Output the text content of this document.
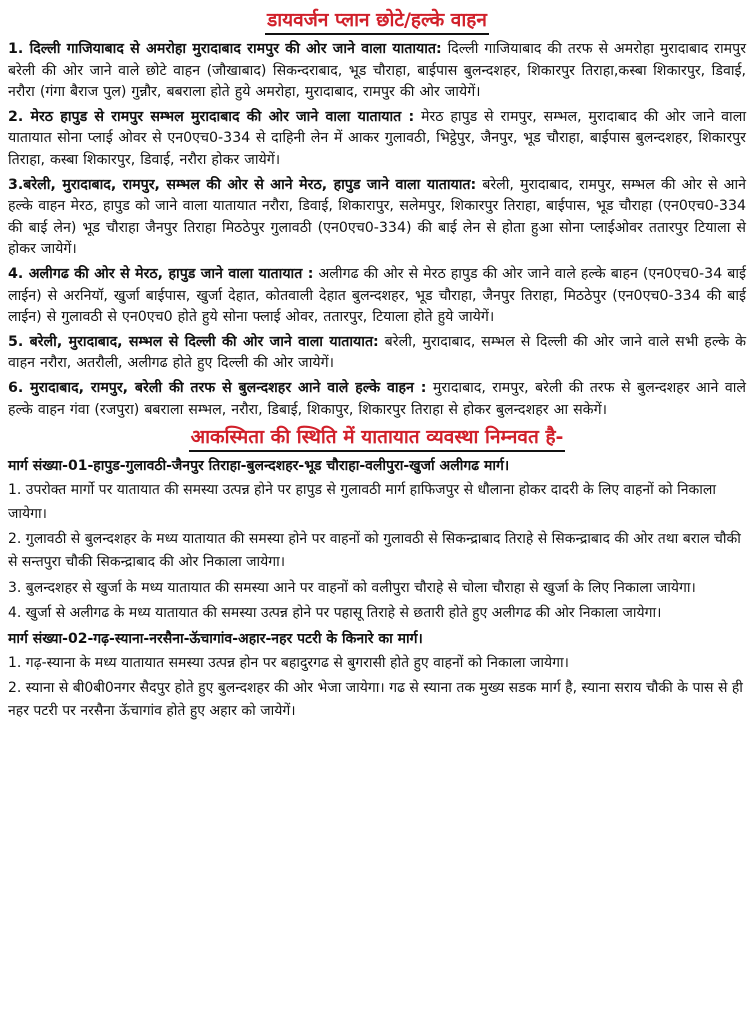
डायवर्जन प्लान छोटे/हल्के वाहन

1. दिल्ली गाजियाबाद से अमरोहा मुरादाबाद रामपुर की ओर जाने वाला यातायात: दिल्ली गाजियाबाद की तरफ से अमरोहा मुरादाबाद रामपुर बरेली की ओर जाने वाले छोटे वाहन (जौखाबाद) सिकन्दराबाद, भूड चौराहा, बाईपास बुलन्दशहर, शिकारपुर तिराहा,कस्बा शिकारपुर, डिवाई, नरौरा (गंगा बैराज पुल) गुन्नौर, बबराला होते हुये अमरोहा, मुरादाबाद, रामपुर की ओर जायेगें।

2. मेरठ हापुड से रामपुर सम्भल मुरादाबाद की ओर जाने वाला यातायात : मेरठ हापुड से रामपुर, सम्भल, मुरादाबाद की ओर जाने वाला यातायात सोना प्लाई ओवर से एन0एच0-334 से दाहिनी लेन में आकर गुलावठी, भिट्ठेपुर, जैनपुर, भूड चौराहा, बाईपास बुलन्दशहर, शिकारपुर तिराहा, कस्बा शिकारपुर, डिवाई, नरौरा होकर जायेगें।

3.बरेली, मुरादाबाद, रामपुर, सम्भल की ओर से आने मेरठ, हापुड जाने वाला यातायात: बरेली, मुरादाबाद, रामपुर, सम्भल की ओर से आने हल्के वाहन मेरठ, हापुड को जाने वाला यातायात नरौरा, डिवाई, शिकारापुर, सलेमपुर, शिकारपुर तिराहा, बाईपास, भूड चौराहा (एन0एच0-334 की बाई लेन) भूड चौराहा जैनपुर तिराहा मिठठेपुर गुलावठी (एन0एच0-334) की बाई लेन से होता हुआ सोना प्लाईओवर ततारपुर टियाला से होकर जायेगें।

4. अलीगढ की ओर से मेरठ, हापुड जाने वाला यातायात : अलीगढ की ओर से मेरठ हापुड की ओर जाने वाले हल्के बाहन (एन0एच0-34 बाई लाईन) से अरनियॉ, खुर्जा बाईपास, खुर्जा देहात, कोतवाली देहात बुलन्दशहर, भूड चौराहा, जैनपुर तिराहा, मिठठेपुर (एन0एच0-334 की बाई लाईन) से गुलावठी से एन0एच0 होते हुये सोना फ्लाई ओवर, ततारपुर, टियाला होते हुये जायेगें।

5. बरेली, मुरादाबाद, सम्भल से दिल्ली की ओर जाने वाला यातायात: बरेली, मुरादाबाद, सम्भल से दिल्ली की ओर जाने वाले सभी हल्के के वाहन नरौरा, अतरौली, अलीगढ होते हुए दिल्ली की ओर जायेगें।

6. मुरादाबाद, रामपुर, बरेली की तरफ से बुलन्दशहर आने वाले हल्के वाहन : मुरादाबाद, रामपुर, बरेली की तरफ से बुलन्दशहर आने वाले हल्के वाहन गंवा (रजपुरा) बबराला सम्भल, नरौरा, डिबाई, शिकापुर, शिकारपुर तिराहा से होकर बुलन्दशहर आ सकेगें।

आकस्मिता की स्थिति में यातायात व्यवस्था निम्नवत है-
मार्ग संख्या-01-हापुड-गुलावठी-जैनपुर तिराहा-बुलन्दशहर-भूड चौराहा-वलीपुरा-खुर्जा अलीगढ मार्ग।

1. उपरोक्त मार्गो पर यातायात की समस्या उत्पन्न होने पर हापुड से गुलावठी मार्ग हाफिजपुर से धौलाना होकर दादरी के लिए वाहनों को निकाला जायेगा।

2. गुलावठी से बुलन्दशहर के मध्य यातायात की समस्या होने पर वाहनों को गुलावठी से सिकन्द्राबाद तिराहे से सिकन्द्राबाद की ओर तथा बराल चौकी से सन्तपुरा चौकी सिकन्द्राबाद की ओर निकाला जायेगा।

3. बुलन्दशहर से खुर्जा के मध्य यातायात की समस्या आने पर वाहनों को वलीपुरा चौराहे से चोला चौराहा से खुर्जा के लिए निकाला जायेगा।

4. खुर्जा से अलीगढ के मध्य यातायात की समस्या उत्पन्न होने पर पहासू तिराहे से छतारी होते हुए अलीगढ की ओर निकाला जायेगा।

मार्ग संख्या-02-गढ़-स्याना-नरसैना-ऊॅचागांव-अहार-नहर पटरी के किनारे का मार्ग।

1. गढ़-स्याना के मध्य यातायात समस्या उत्पन्न होन पर बहादुरगढ से बुगरासी होते हुए वाहनों को निकाला जायेगा।

2. स्याना से बी0बी0नगर सैदपुर होते हुए बुलन्दशहर की ओर भेजा जायेगा। गढ से स्याना तक मुख्य सडक मार्ग है, स्याना सराय चौकी के पास से ही नहर पटरी पर नरसैना ऊॅचागांव होते हुए अहार को जायेगें।
